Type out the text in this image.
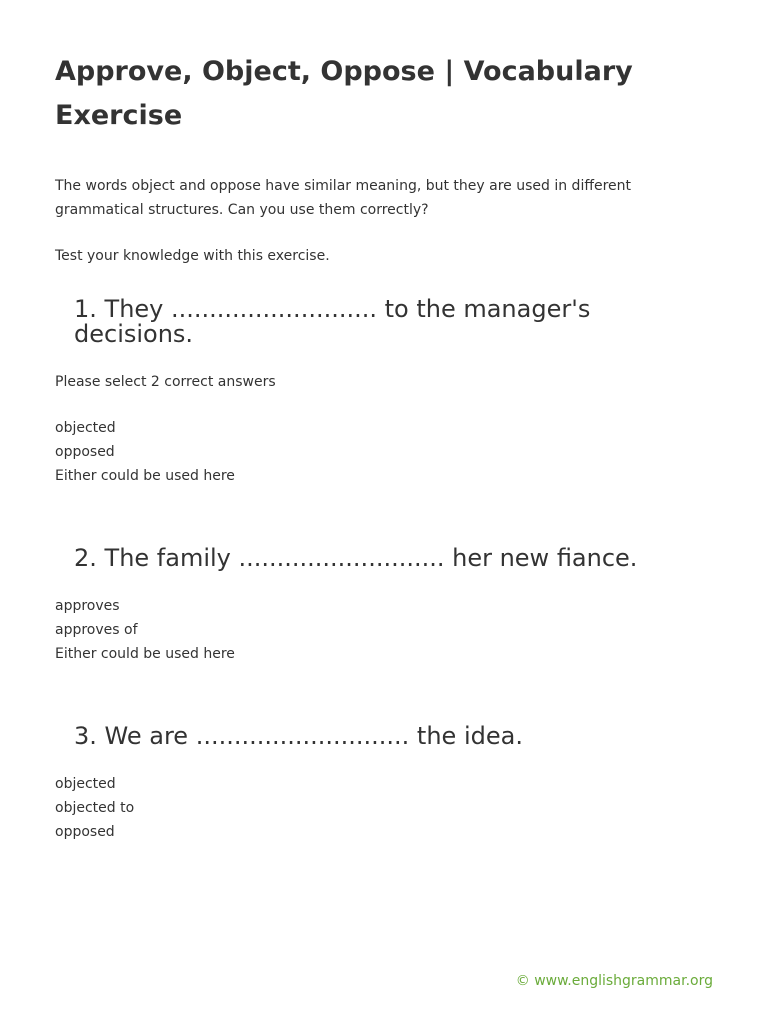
Approve, Object, Oppose | Vocabulary Exercise

The words object and oppose have similar meaning, but they are used in different grammatical structures. Can you use them correctly?

Test your knowledge with this exercise.

1. They ........................... to the manager's decisions.

Please select 2 correct answers

objected
opposed
Either could be used here
2. The family ........................... her new fiance.
approves
approves of
Either could be used here
3. We are ............................ the idea.
objected
objected to
opposed
© www.englishgrammar.org
